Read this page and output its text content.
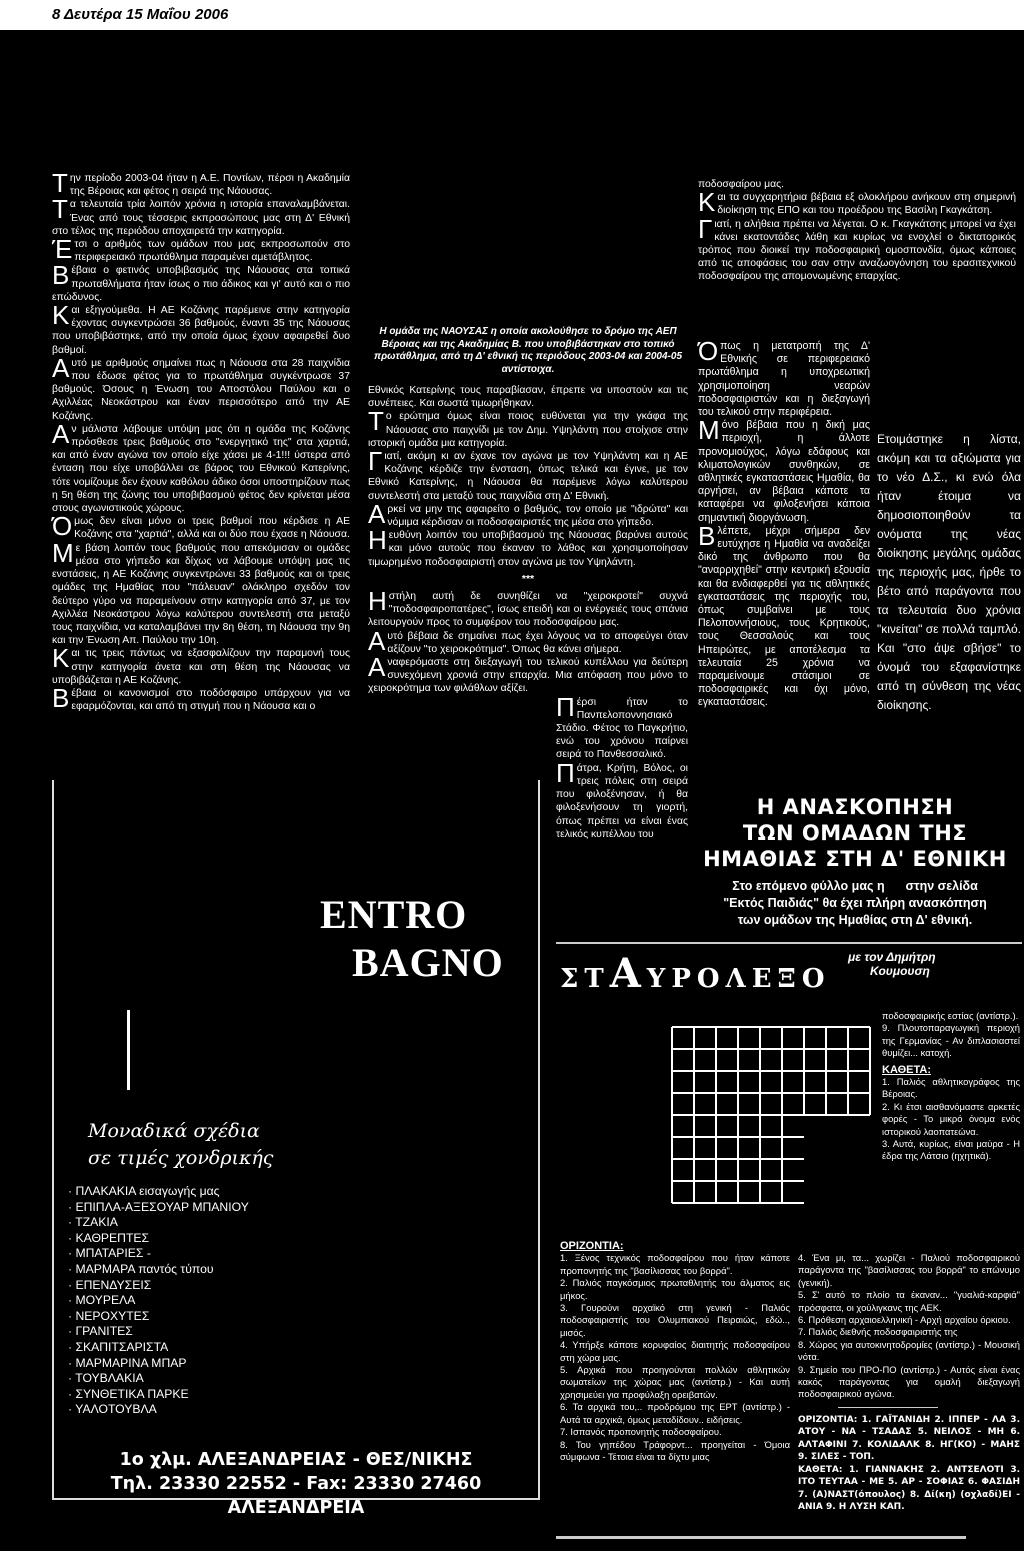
8 Δευτέρα 15 Μαΐου 2006

Την περίοδο 2003-04 ήταν η Α.Ε. Ποντίων, πέρσι η Ακαδημία της Βέροιας και φέτος η σειρά της Νάουσας.

Τα τελευταία τρία λοιπόν χρόνια η ιστορία επαναλαμβάνεται. Ένας από τους τέσσερις εκπροσώπους μας στη Δ' Εθνική στο τέλος της περιόδου αποχαιρετά την κατηγορία.

Έτσι ο αριθμός των ομάδων που μας εκπροσωπούν στο περιφερειακό πρωτάθλημα παραμένει αμετάβλητος.

Βέβαια ο φετινός υποβιβασμός της Νάουσας στα τοπικά πρωταθλήματα ήταν ίσως ο πιο άδικος και γι' αυτό και ο πιο επώδυνος.

Και εξηγούμεθα. Η ΑΕ Κοζάνης παρέμεινε στην κατηγορία έχοντας συγκεντρώσει 36 βαθμούς, έναντι 35 της Νάουσας που υποβιβάστηκε, από την οποία όμως έχουν αφαιρεθεί δυο βαθμοί.

Αυτό με αριθμούς σημαίνει πως η Νάουσα στα 28 παιχνίδια που έδωσε φέτος για το πρωτάθλημα συγκέντρωσε 37 βαθμούς. Όσους η Ένωση του Αποστόλου Παύλου και ο Αχιλλέας Νεοκάστρου και έναν περισσότερο από την ΑΕ Κοζάνης.

Αν μάλιστα λάβουμε υπόψη μας ότι η ομάδα της Κοζάνης πρόσθεσε τρεις βαθμούς στο "ενεργητικό της" στα χαρτιά, και από έναν αγώνα τον οποίο είχε χάσει με 4-1!!! ύστερα από ένταση που είχε υποβάλλει σε βάρος του Εθνικού Κατερίνης, τότε νομίζουμε δεν έχουν καθόλου άδικο όσοι υποστηρίζουν πως η 5η θέση της ζώνης του υποβιβασμού φέτος δεν κρίνεται μέσα στους αγωνιστικούς χώρους.

Όμως δεν είναι μόνο οι τρεις βαθμοί που κέρδισε η ΑΕ Κοζάνης στα "χαρτιά", αλλά και οι δύο που έχασε η Νάουσα.

Με βάση λοιπόν τους βαθμούς που απεκόμισαν οι ομάδες μέσα στο γήπεδο και δίχως να λάβουμε υπόψη μας τις ενστάσεις, η ΑΕ Κοζάνης συγκεντρώνει 33 βαθμούς και οι τρεις ομάδες της Ημαθίας που "πάλευαν" ολάκληρο σχεδόν τον δεύτερο γύρο να παραμείνουν στην κατηγορία από 37, με τον Αχιλλέα Νεοκάστρου λόγω καλύτερου συντελεστή στα μεταξύ τους παιχνίδια, να καταλαμβάνει την 8η θέση, τη Νάουσα την 9η και την Ένωση Απ. Παύλου την 10η.

Και τις τρεις πάντως να εξασφαλίζουν την παραμονή τους στην κατηγορία άνετα και στη θέση της Νάουσας να υποβιβάζεται η ΑΕ Κοζάνης.

Βέβαια οι κανονισμοί στο ποδόσφαιρο υπάρχουν για να εφαρμόζονται, και από τη στιγμή που η Νάουσα και ο

Η ομάδα της ΝΑΟΥΣΑΣ η οποία ακολούθησε το δρόμο της ΑΕΠ Βέροιας και της Ακαδημίας Β. που υποβιβάστηκαν στο τοπικό πρωτάθλημα, από τη Δ' εθνική τις περιόδους 2003-04 και 2004-05 αντίστοιχα.
Εθνικός Κατερίνης τους παραβίασαν, έπρεπε να υποστούν και τις συνέπειες. Και σωστά τιμωρήθηκαν.

Το ερώτημα όμως είναι ποιος ευθύνεται για την γκάφα της Νάουσας στο παιχνίδι με τον Δημ. Υψηλάντη που στοίχισε στην ιστορική ομάδα μια κατηγορία.

Γιατί, ακόμη κι αν έχανε τον αγώνα με τον Υψηλάντη και η ΑΕ Κοζάνης κέρδιζε την ένσταση, όπως τελικά και έγινε, με τον Εθνικό Κατερίνης, η Νάουσα θα παρέμενε λόγω καλύτερου συντελεστή στα μεταξύ τους παιχνίδια στη Δ' Εθνική.

Αρκεί να μην της αφαιρείτο ο βαθμός, τον οποίο με "ιδρώτα" και νόμιμα κέρδισαν οι ποδοσφαιριστές της μέσα στο γήπεδο.

Ηευθύνη λοιπόν του υποβιβασμού της Νάουσας βαρύνει αυτούς και μόνο αυτούς που έκαναν το λάθος και χρησιμοποίησαν τιμωρημένο ποδοσφαιριστή στον αγώνα με τον Υψηλάντη.

***

Ηστήλη αυτή δε συνηθίζει να "χειροκροτεί" συχνά "ποδοσφαιροπατέρες", ίσως επειδή και οι ενέργειές τους σπάνια λειτουργούν προς το συμφέρον του ποδοσφαίρου μας.

Αυτό βέβαια δε σημαίνει πως έχει λόγους να το αποφεύγει όταν αξίζουν "το χειροκρότημα". Όπως θα κάνει σήμερα.

Αναφερόμαστε στη διεξαγωγή του τελικού κυπέλλου για δεύτερη συνεχόμενη χρονιά στην επαρχία. Μια απόφαση που μόνο το χειροκρότημα των φιλάθλων αξίζει.

Πέρσι ήταν το Πανπελοποννησιακό Στάδιο. Φέτος το Παγκρήτιο, ενώ του χρόνου παίρνει σειρά το Πανθεσσαλικό.

Πάτρα, Κρήτη, Βόλος, οι τρεις πόλεις στη σειρά που φιλοξένησαν, ή θα φιλοξενήσουν τη γιορτή, όπως πρέπει να είναι ένας τελικός κυπέλλου του

ποδοσφαίρου μας.

Και τα συγχαρητήρια βέβαια εξ ολοκλήρου ανήκουν στη σημερινή διοίκηση της ΕΠΟ και του προέδρου της Βασίλη Γκαγκάτση.

Γιατί, η αλήθεια πρέπει να λέγεται. Ο κ. Γκαγκάτσης μπορεί να έχει κάνει εκατοντάδες λάθη και κυρίως να ενοχλεί ο δικτατορικός τρόπος που διοικεί την ποδοσφαιρική ομοσπονδία, όμως κάποιες από τις αποφάσεις του σαν στην αναζωογόνηση του ερασιτεχνικού ποδοσφαίρου της απομονωμένης επαρχίας.

Όπως η μετατροπή της Δ' Εθνικής σε περιφερειακό πρωτάθλημα η υποχρεωτική χρησιμοποίηση νεαρών ποδοσφαιριστών και η διεξαγωγή του τελικού στην περιφέρεια.

Μόνο βέβαια που η δική μας περιοχή, η άλλοτε προνομιούχος, λόγω εδάφους και κλιματολογικών συνθηκών, σε αθλητικές εγκαταστάσεις Ημαθία, θα αργήσει, αν βέβαια κάποτε τα καταφέρει να φιλοξενήσει κάποια σημαντική διοργάνωση.

Βλέπετε, μέχρι σήμερα δεν ευτύχησε η Ημαθία να αναδείξει δικό της άνθρωπο που θα "αναρριχηθεί" στην κεντρική εξουσία και θα ενδιαφερθεί για τις αθλητικές εγκαταστάσεις της περιοχής του, όπως συμβαίνει με τους Πελοποννήσιους, τους Κρητικούς, τους Θεσσαλούς και τους Ηπειρώτες, με αποτέλεσμα τα τελευταία 25 χρόνια να παραμείνουμε στάσιμοι σε ποδοσφαιρικές και όχι μόνο, εγκαταστάσεις.

Ετοιμάστηκε η λίστα, ακόμη και τα αξιώματα για το νέο Δ.Σ., κι ενώ όλα ήταν έτοιμα να δημοσιοποιηθούν τα ονόματα της νέας διοίκησης μεγάλης ομάδας της περιοχής μας, ήρθε το βέτο από παράγοντα που τα τελευταία δυο χρόνια "κινείται" σε πολλά ταμπλό.

Και "στο άψε σβήσε" το όνομά του εξαφανίστηκε από τη σύνθεση της νέας διοίκησης.

Η ΑΝΑΣΚΟΠΗΣΗ
ΤΩΝ ΟΜΑΔΩΝ ΤΗΣ
ΗΜΑΘΙΑΣ ΣΤΗ Δ' ΕΘΝΙΚΗ
Στο επόμενο φύλλο μας η      στην σελίδα
"Εκτός Παιδιάς" θα έχει πλήρη ανασκόπηση
των ομάδων της Ημαθίας στη Δ' εθνική.
ENTRO
BAGNO
Μοναδικά σχέδια
σε τιμές χονδρικής
· ΠΛΑΚΑΚΙΑ εισαγωγής μας
· ΕΠΙΠΛΑ-ΑΞΕΣΟΥΑΡ ΜΠΑΝΙΟΥ
· ΤΖΑΚΙΑ
· ΚΑΘΡΕΠΤΕΣ
· ΜΠΑΤΑΡΙΕΣ -
· ΜΑΡΜΑΡΑ παντός τύπου
· ΕΠΕΝΔΥΣΕΙΣ
· ΜΟΥΡΕΛΑ
· ΝΕΡΟΧΥΤΕΣ
· ΓΡΑΝΙΤΕΣ
· ΣΚΑΠΙΤΣΑΡΙΣΤΑ
· ΜΑΡΜΑΡΙΝΑ ΜΠΑΡ
· ΤΟΥΒΛΑΚΙΑ
· ΣΥΝΘΕΤΙΚΑ ΠΑΡΚΕ
· ΥΑΛΟΤΟΥΒΛΑ
1ο χλμ. ΑΛΕΞΑΝΔΡΕΙΑΣ - ΘΕΣ/ΝΙΚΗΣ
Τηλ. 23330 22552 - Fax: 23330 27460 ΑΛΕΞΑΝΔΡΕΙΑ
ΣΤΑΥΡΟΛΕΞΟ
με τον Δημήτρη
Κουμουση

ποδοσφαιρικής εστίας (αντίστρ.).

9. Πλουτοπαραγωγική περιοχή της Γερμανίας - Αν διπλασιαστεί θυμίζει... κατοχή.

ΚΑΘΕΤΑ:

1. Παλιός αθλητικογράφος της Βέροιας.

2. Κι έτσι αισθανόμαστε αρκετές φορές - Το μικρό όνομα ενός ιστορικού λαοπατεώνα.

3. Αυτά, κυρίως, είναι μαύρα - Η έδρα της Λάτσιο (ηχητικά).

ΟΡΙΖΟΝΤΙΑ:

1. Ξένος τεχνικός ποδοσφαίρου που ήταν κάποτε προπονητής της "βασίλισσας του βορρά".

2. Παλιός παγκόσμιος πρωταθλητής του άλματος εις μήκος.

3. Γουρούνι αρχαϊκό στη γενική - Παλιός ποδοσφαιριστής του Ολυμπιακού Πειραιώς, εδώ.., μισός.

4. Υπήρξε κάποτε κορυφαίος διαιτητής ποδοσφαίρου στη χώρα μας.

5. Αρχικά που προηγούνται πολλών αθλητικών σωματείων της χώρας μας (αντίστρ.) - Και αυτή χρησιμεύει για προφύλαξη ορειβατών.

6. Τα αρχικά του,.. προδρόμου της ΕΡΤ (αντίστρ.) - Αυτά τα αρχικά, όμως μεταδίδουν.. ειδήσεις.

7. Ισπανός προπονητής ποδοσφαίρου.

8. Του γηπέδου Τράφορντ... προηγείται - Όμοια σύμφωνα - Τέτοια είναι τα δίχτυ μιας

4. Ένα μι, τα... χωρίζει - Παλιού ποδοσφαιρικού παράγοντα της "βασίλισσας του βορρά" το επώνυμο (γενική).

5. Σ' αυτό το πλοίο τα έκαναν... "γυαλιά-καρφιά" πρόσφατα, οι χούλιγκανς της ΑΕΚ.

6. Πρόθεση αρχαιοελληνική - Αρχή αρχαίου όρκιου.

7. Παλιός διεθνής ποδοσφαιριστής της

8. Χώρος για αυτοκινητοδρομίες (αντίστρ.) - Μουσική νότα.

9. Σημείο του ΠΡΟ-ΠΟ (αντίστρ.) - Αυτός είναι ένας κακός παράγοντας για ομαλή διεξαγωγή ποδοσφαιρικού αγώνα.

ΟΡΙΖΟΝΤΙΑ: 1. ΓΑΪΤΑΝΙΔΗ 2. ΙΠΠΕΡ - ΛΑ 3. ΑΤΟΥ - ΝΑ - ΤΣΑΔΑΣ 5. ΝΕΙΛΟΣ - ΜΗ 6. ΑΛΤΑΦΙΝΙ 7. ΚΟΛΙΔΑΛΚ 8. ΗΓ(ΚΟ) - ΜΑΗΣ 9. ΣΙΛΕΣ - ΤΟΠ.
ΚΑΘΕΤΑ: 1. ΓΙΑΝΝΑΚΗΣ 2. ΑΝΤΣΕΛΟΤΙ 3. ΙΤΟ ΤΕΥΤΑΑ - ΜΕ 5. ΑΡ - ΣΟΦΙΑΣ 6. ΦΑΣΙΔΗ 7. (Α)ΝΑΣΤ(όπουλος) 8. Δί(κη) (οχλαδί)ΕΙ - ΑΝΙΑ 9. Η ΛΥΣΗ ΚΑΠ.
